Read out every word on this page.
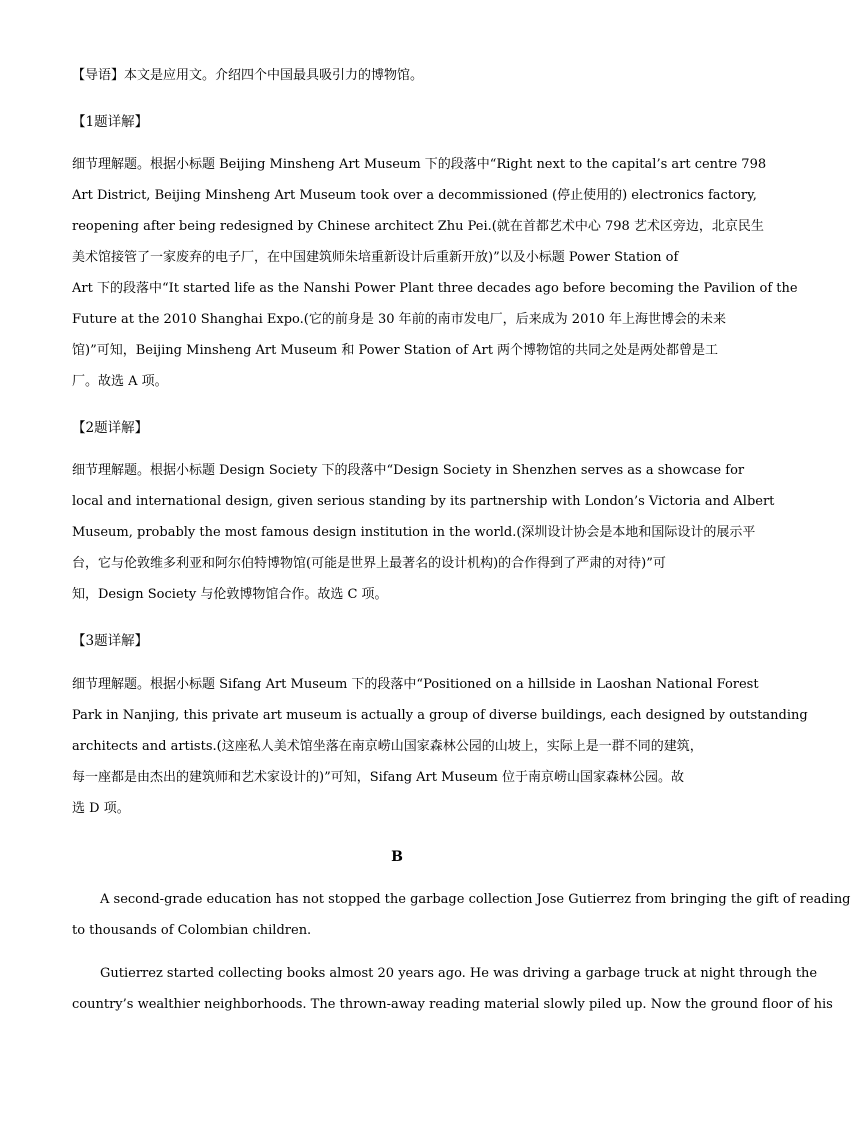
【导语】本文是应用文。介绍四个中国最具吸引力的博物馆。
【1题详解】
细节理解题。根据小标题 Beijing Minsheng Art Museum 下的段落中“Right next to the capital’s art centre 798
Art District, Beijing Minsheng Art Museum took over a decommissioned (停止使用的) electronics factory,
reopening after being redesigned by Chinese architect Zhu Pei.(就在首都艺术中心 798 艺术区旁边，北京民生
美术馆接管了一家废弃的电子厂，在中国建筑师朱培重新设计后重新开放)”以及小标题 Power Station of
Art 下的段落中“It started life as the Nanshi Power Plant three decades ago before becoming the Pavilion of the
Future at the 2010 Shanghai Expo.(它的前身是 30 年前的南市发电厂，后来成为 2010 年上海世博会的未来
馆)”可知，Beijing Minsheng Art Museum 和 Power Station of Art 两个博物馆的共同之处是两处都曾是工
厂。故选 A 项。
【2题详解】
细节理解题。根据小标题 Design Society 下的段落中“Design Society in Shenzhen serves as a showcase for
local and international design, given serious standing by its partnership with London’s Victoria and Albert
Museum, probably the most famous design institution in the world.(深圳设计协会是本地和国际设计的展示平
台，它与伦敦维多利亚和阿尔伯特博物馆(可能是世界上最著名的设计机构)的合作得到了严肃的对待)”可
知，Design Society 与伦敦博物馆合作。故选 C 项。
【3题详解】
细节理解题。根据小标题 Sifang Art Museum 下的段落中“Positioned on a hillside in Laoshan National Forest
Park in Nanjing, this private art museum is actually a group of diverse buildings, each designed by outstanding
architects and artists.(这座私人美术馆坐落在南京崂山国家森林公园的山坡上，实际上是一群不同的建筑，
每一座都是由杰出的建筑师和艺术家设计的)”可知，Sifang Art Museum 位于南京崂山国家森林公园。故
选 D 项。
B
A second-grade education has not stopped the garbage collection Jose Gutierrez from bringing the gift of reading
to thousands of Colombian children.
Gutierrez started collecting books almost 20 years ago. He was driving a garbage truck at night through the
country’s wealthier neighborhoods. The thrown-away reading material slowly piled up. Now the ground floor of his
